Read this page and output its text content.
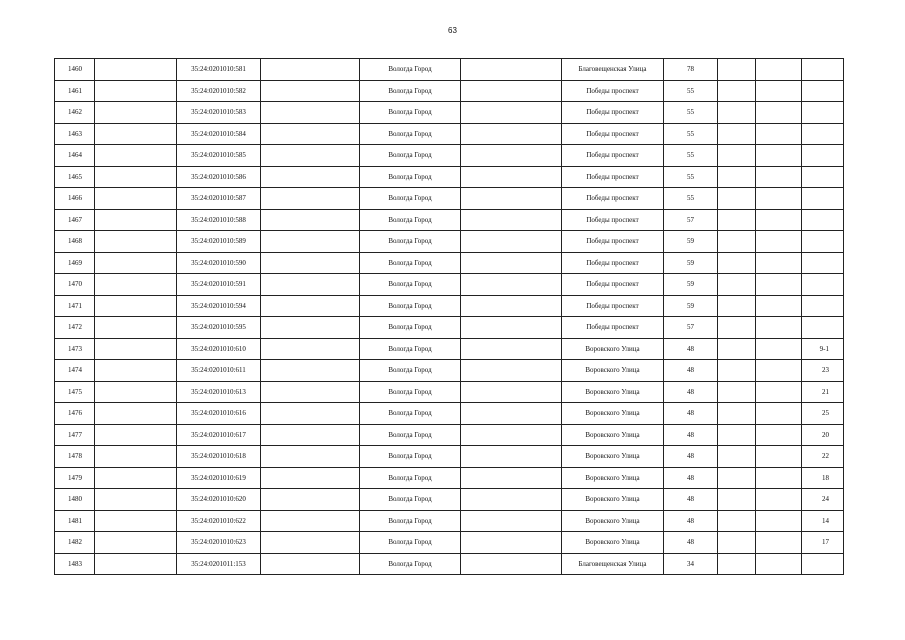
63
1460		35:24:0201010:581		Вологда Город		Благовещенская Улица	78			
1461		35:24:0201010:582		Вологда Город		Победы проспект	55			
1462		35:24:0201010:583		Вологда Город		Победы проспект	55			
1463		35:24:0201010:584		Вологда Город		Победы проспект	55			
1464		35:24:0201010:585		Вологда Город		Победы проспект	55			
1465		35:24:0201010:586		Вологда Город		Победы проспект	55			
1466		35:24:0201010:587		Вологда Город		Победы проспект	55			
1467		35:24:0201010:588		Вологда Город		Победы проспект	57			
1468		35:24:0201010:589		Вологда Город		Победы проспект	59			
1469		35:24:0201010:590		Вологда Город		Победы проспект	59			
1470		35:24:0201010:591		Вологда Город		Победы проспект	59			
1471		35:24:0201010:594		Вологда Город		Победы проспект	59			
1472		35:24:0201010:595		Вологда Город		Победы проспект	57			
1473		35:24:0201010:610		Вологда Город		Воровского Улица	48			9-1
1474		35:24:0201010:611		Вологда Город		Воровского Улица	48			23
1475		35:24:0201010:613		Вологда Город		Воровского Улица	48			21
1476		35:24:0201010:616		Вологда Город		Воровского Улица	48			25
1477		35:24:0201010:617		Вологда Город		Воровского Улица	48			20
1478		35:24:0201010:618		Вологда Город		Воровского Улица	48			22
1479		35:24:0201010:619		Вологда Город		Воровского Улица	48			18
1480		35:24:0201010:620		Вологда Город		Воровского Улица	48			24
1481		35:24:0201010:622		Вологда Город		Воровского Улица	48			14
1482		35:24:0201010:623		Вологда Город		Воровского Улица	48			17
1483		35:24:0201011:153		Вологда Город		Благовещенская Улица	34			
